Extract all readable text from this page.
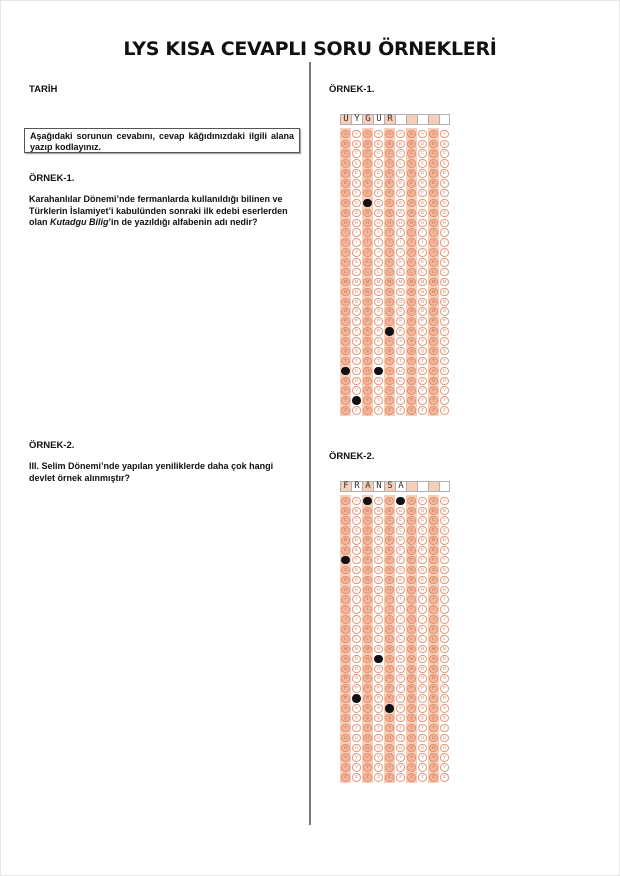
LYS KISA CEVAPLI SORU ÖRNEKLERİ
TARİH
Aşağıdaki sorunun cevabını, cevap kâğıdınızdaki ilgili alana yazıp kodlayınız.
ÖRNEK-1.
Karahanlılar Dönemi’nde fermanlarda kullanıldığı bilinen ve Türklerin İslamiyet’i kabulünden sonraki ilk edebi eserlerden olan Kutadgu Bilig’in de yazıldığı alfabenin adı nedir?
ÖRNEK-2.
III. Selim Dönemi’nde yapılan yeniliklerde daha çok hangi devlet örnek alınmıştır?
ÖRNEK-1.
U Y G U R
A
B
C
Ç
D
E
F
G
Ğ
H
I
İ
J
K
L
M
N
O
Ö
P
R
S
Ş
T
Ü
V
Y
Z
A
B
C
Ç
D
E
F
G
Ğ
H
I
İ
J
K
L
M
N
O
Ö
P
R
S
Ş
T
U
Ü
V
Z
A
B
C
Ç
D
E
F
Ğ
H
I
İ
J
K
L
M
N
O
Ö
P
R
S
Ş
T
U
Ü
V
Y
Z
A
B
C
Ç
D
E
F
G
Ğ
H
I
İ
J
K
L
M
N
O
Ö
P
R
S
Ş
T
Ü
V
Y
Z
A
B
C
Ç
D
E
F
G
Ğ
H
I
İ
J
K
L
M
N
O
Ö
P
S
Ş
T
U
Ü
V
Y
Z
A
B
C
Ç
D
E
F
G
Ğ
H
I
İ
J
K
L
M
N
O
Ö
P
R
S
Ş
T
U
Ü
V
Y
Z
A
B
C
Ç
D
E
F
G
Ğ
H
I
İ
J
K
L
M
N
O
Ö
P
R
S
Ş
T
U
Ü
V
Y
Z
A
B
C
Ç
D
E
F
G
Ğ
H
I
İ
J
K
L
M
N
O
Ö
P
R
S
Ş
T
U
Ü
V
Y
Z
A
B
C
Ç
D
E
F
G
Ğ
H
I
İ
J
K
L
M
N
O
Ö
P
R
S
Ş
T
U
Ü
V
Y
Z
A
B
C
Ç
D
E
F
G
Ğ
H
I
İ
J
K
L
M
N
O
Ö
P
R
S
Ş
T
U
Ü
V
Y
Z
ÖRNEK-2.
F R A N S A
A
B
C
Ç
D
E
G
Ğ
H
I
İ
J
K
L
M
N
O
Ö
P
R
S
Ş
T
U
Ü
V
Y
Z
A
B
C
Ç
D
E
F
G
Ğ
H
I
İ
J
K
L
M
N
O
Ö
P
S
Ş
T
U
Ü
V
Y
Z
B
C
Ç
D
E
F
G
Ğ
H
I
İ
J
K
L
M
N
O
Ö
P
R
S
Ş
T
U
Ü
V
Y
Z
A
B
C
Ç
D
E
F
G
Ğ
H
I
İ
J
K
L
M
O
Ö
P
R
S
Ş
T
U
Ü
V
Y
Z
A
B
C
Ç
D
E
F
G
Ğ
H
I
İ
J
K
L
M
N
O
Ö
P
R
Ş
T
U
Ü
V
Y
Z
B
C
Ç
D
E
F
G
Ğ
H
I
İ
J
K
L
M
N
O
Ö
P
R
S
Ş
T
U
Ü
V
Y
Z
A
B
C
Ç
D
E
F
G
Ğ
H
I
İ
J
K
L
M
N
O
Ö
P
R
S
Ş
T
U
Ü
V
Y
Z
A
B
C
Ç
D
E
F
G
Ğ
H
I
İ
J
K
L
M
N
O
Ö
P
R
S
Ş
T
U
Ü
V
Y
Z
A
B
C
Ç
D
E
F
G
Ğ
H
I
İ
J
K
L
M
N
O
Ö
P
R
S
Ş
T
U
Ü
V
Y
Z
A
B
C
Ç
D
E
F
G
Ğ
H
I
İ
J
K
L
M
N
O
Ö
P
R
S
Ş
T
U
Ü
V
Y
Z
